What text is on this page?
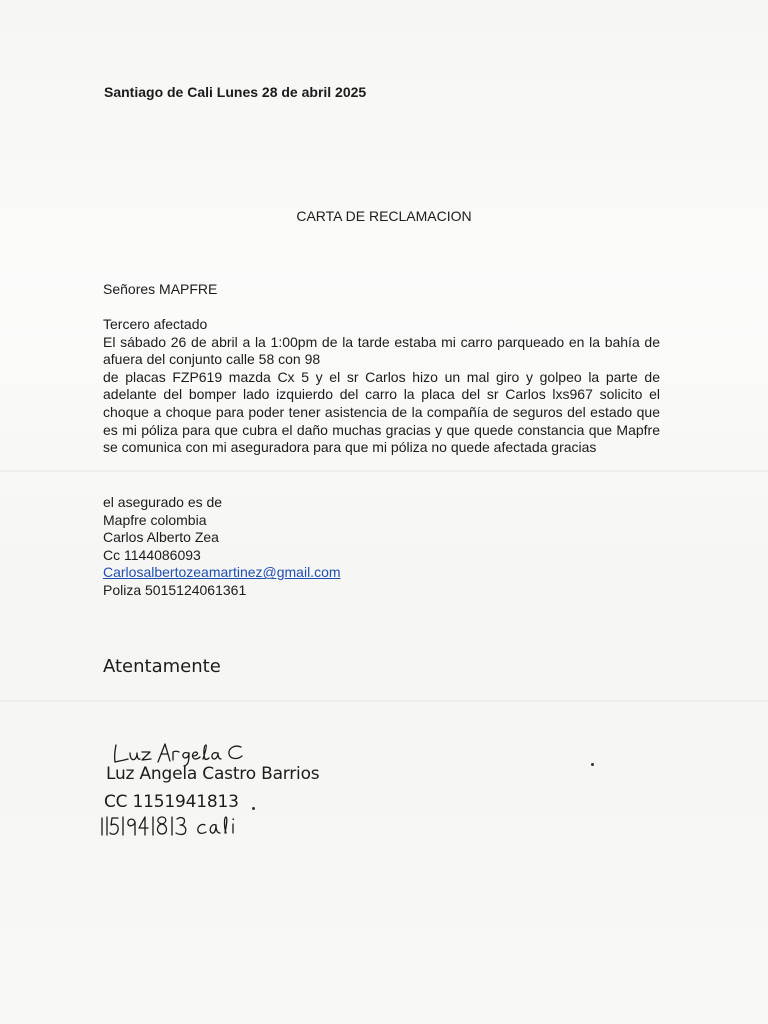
Santiago de Cali Lunes 28 de abril 2025
CARTA DE RECLAMACION
Señores MAPFRE
Tercero afectado

El sábado 26 de abril a la 1:00pm de la tarde estaba mi carro parqueado en la bahía de afuera del conjunto calle 58 con 98

de placas FZP619 mazda Cx 5 y el sr Carlos hizo un mal giro y golpeo la parte de adelante del bomper lado izquierdo del carro la placa del sr Carlos lxs967 solicito el choque a choque para poder tener asistencia de la compañía de seguros del estado que es mi póliza para que cubra el daño muchas gracias y que quede constancia que Mapfre se comunica con mi aseguradora para que mi póliza no quede afectada gracias

el asegurado es de
Mapfre colombia
Carlos Alberto Zea
Cc 1144086093
Carlosalbertozeamartinez@gmail.com
Poliza 5015124061361
Atentamente
Luz Angela Castro Barrios
CC 1151941813
